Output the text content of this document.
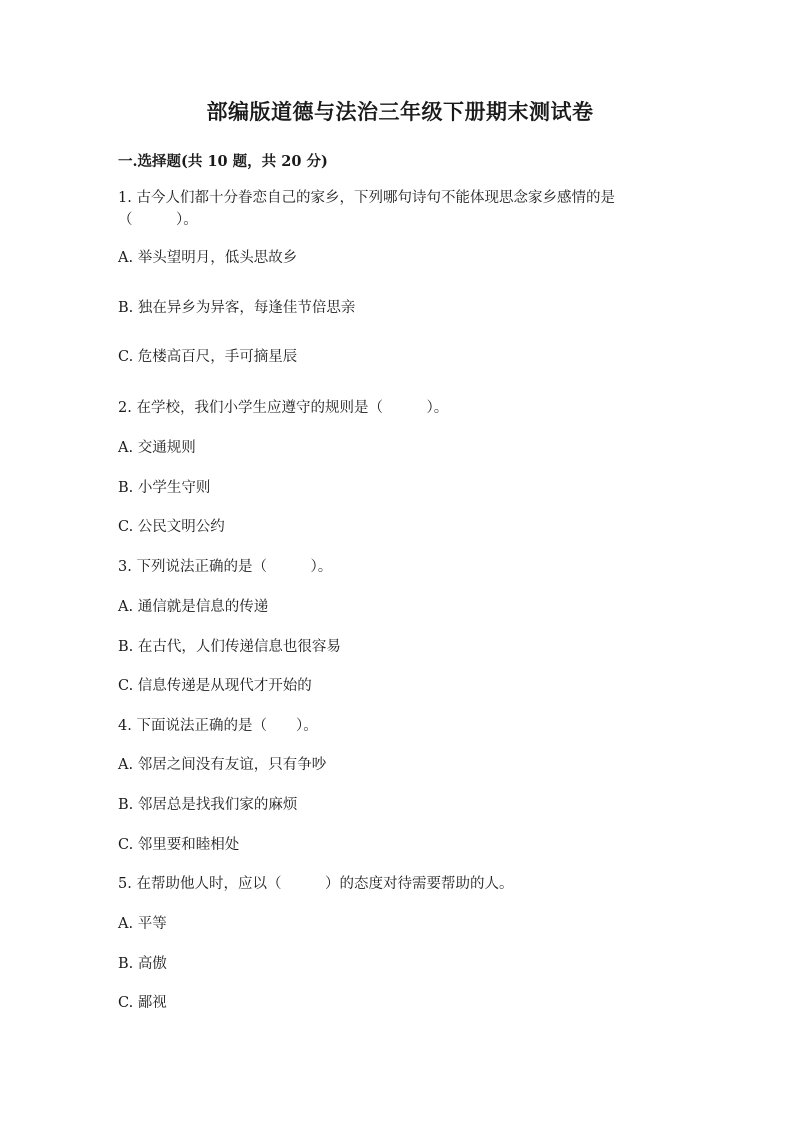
部编版道德与法治三年级下册期末测试卷
一.选择题(共 10 题，共 20 分)
1. 古今人们都十分眷恋自己的家乡，下列哪句诗句不能体现思念家乡感情的是
（　　　）。
A. 举头望明月，低头思故乡
B. 独在异乡为异客，每逢佳节倍思亲
C. 危楼高百尺，手可摘星辰
2. 在学校，我们小学生应遵守的规则是（　　　）。
A. 交通规则
B. 小学生守则
C. 公民文明公约
3. 下列说法正确的是（　　　）。
A. 通信就是信息的传递
B. 在古代，人们传递信息也很容易
C. 信息传递是从现代才开始的
4. 下面说法正确的是（　　）。
A. 邻居之间没有友谊，只有争吵
B. 邻居总是找我们家的麻烦
C. 邻里要和睦相处
5. 在帮助他人时，应以（　　　）的态度对待需要帮助的人。
A. 平等
B. 高傲
C. 鄙视
